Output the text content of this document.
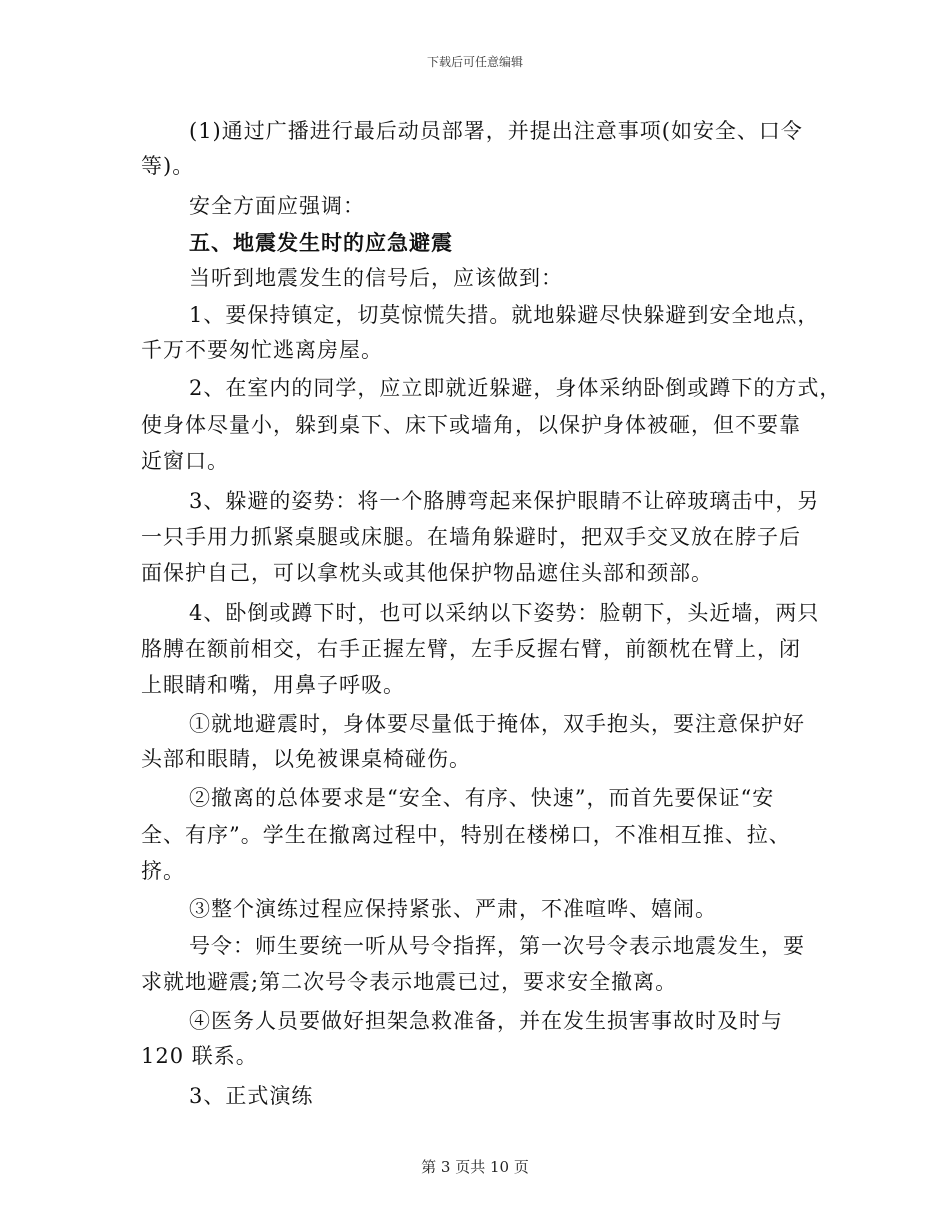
下载后可任意编辑
(1)通过广播进行最后动员部署，并提出注意事项(如安全、口令
等)。
安全方面应强调：
五、地震发生时的应急避震
当听到地震发生的信号后，应该做到：
1、要保持镇定，切莫惊慌失措。就地躲避尽快躲避到安全地点，
千万不要匆忙逃离房屋。
2、在室内的同学，应立即就近躲避，身体采纳卧倒或蹲下的方式，
使身体尽量小，躲到桌下、床下或墙角，以保护身体被砸，但不要靠
近窗口。
3、躲避的姿势：将一个胳膊弯起来保护眼睛不让碎玻璃击中，另
一只手用力抓紧桌腿或床腿。在墙角躲避时，把双手交叉放在脖子后
面保护自己，可以拿枕头或其他保护物品遮住头部和颈部。
4、卧倒或蹲下时，也可以采纳以下姿势：脸朝下，头近墙，两只
胳膊在额前相交，右手正握左臂，左手反握右臂，前额枕在臂上，闭
上眼睛和嘴，用鼻子呼吸。
①就地避震时，身体要尽量低于掩体，双手抱头，要注意保护好
头部和眼睛，以免被课桌椅碰伤。
②撤离的总体要求是“安全、有序、快速”，而首先要保证“安
全、有序”。学生在撤离过程中，特别在楼梯口，不准相互推、拉、
挤。
③整个演练过程应保持紧张、严肃，不准喧哗、嬉闹。
号令：师生要统一听从号令指挥，第一次号令表示地震发生，要
求就地避震;第二次号令表示地震已过，要求安全撤离。
④医务人员要做好担架急救准备，并在发生损害事故时及时与
120 联系。
3、正式演练
第 3 页共 10 页
